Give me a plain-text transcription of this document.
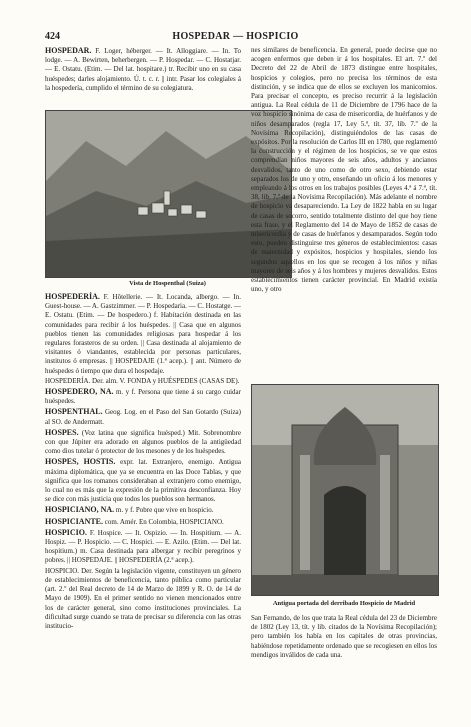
424	HOSPEDAR — HOSPICIO

HOSPEDAR. F. Loger, héberger. — It. Alloggiare. — In. To lodge. — A. Bewirten, beherbergen. — P. Hospedar. — C. Hostatjar. — E. Ostatu. (Etim. — Del lat. hospitare.) tr. Recibir uno en su casa huéspedes; darles alojamiento. Ú. t. c. r. || intr. Pasar los colegiales á la hospedería, cumplido el término de su colegiatura.

Vista de Hospenthal (Suiza)

HOSPEDERÍA. F. Hôtellerie. — It. Locanda, albergo. — In. Guest-house. — A. Gastzimmer. — P. Hospedaria. — C. Hostatge. — E. Ostatu. (Etim. — De hospedero.) f. Habitación destinada en las comunidades para recibir á los huéspedes. || Casa que en algunos pueblos tienen las comunidades religiosas para hospedar á los regulares forasteros de su orden. || Casa destinada al alojamiento de visitantes ó viandantes, establecida por personas particulares, institutos ó empresas. || HOSPEDAJE (1.ª acep.). || ant. Número de huéspedes ó tiempo que dura el hospedaje.

HOSPEDERÍA. Der. alm. V. FONDA y HUÉSPEDES (CASAS DE).

HOSPEDERO, NA. m. y f. Persona que tiene á su cargo cuidar huéspedes.

HOSPENTHAL. Geog. Log. en el Paso del San Gotardo (Suiza) al SO. de Andermatt.

HOSPES. (Voz latina que significa huésped.) Mit. Sobrenombre con que Júpiter era adorado en algunos pueblos de la antigüedad como dios tutelar ó protector de los mesones y de los huéspedes.

HOSPES, HOSTIS. expr. lat. Extranjero, enemigo. Antigua máxima diplomática, que ya se encuentra en las Doce Tablas, y que significa que los romanos consideraban al extranjero como enemigo, lo cual no es más que la expresión de la primitiva desconfianza. Hoy se dice con más justicia que todos los pueblos son hermanos.

HOSPICIANO, NA. m. y f. Pobre que vive en hospicio.

HOSPICIANTE. com. Amér. En Colombia, HOSPICIANO.

HOSPICIO. F. Hospice. — It. Ospizio. — In. Hospitium. — A. Hospiz. — P. Hospicio. — C. Hospici. — E. Azilo. (Etim. — Del lat. hospitium.) m. Casa destinada para albergar y recibir peregrinos y pobres. || HOSPEDAJE. || HOSPEDERÍA (2.ª acep.).

HOSPICIO. Der. Según la legislación vigente, constituyen un género de establecimientos de beneficencia, tanto pública como particular (art. 2.º del Real decreto de 14 de Marzo de 1899 y R. O. de 14 de Mayo de 1909). En el primer sentido no vienen mencionados entre los de carácter general, sino como instituciones provinciales. La dificultad surge cuando se trata de precisar su diferencia con las otras institucio-

nes similares de beneficencia. En general, puede decirse que no acogen enfermos que deben ir á los hospitales. El art. 7.º del Decreto del 22 de Abril de 1873 distingue entre hospitales, hospicios y colegios, pero no precisa los términos de esta distinción, y se indica que de ellos se excluyen los manicomios. Para precisar el concepto, es preciso recurrir á la legislación antigua. La Real cédula de 11 de Diciembre de 1796 hace de la voz hospicio sinónima de casa de misericordia, de huérfanos y de niños desamparados (regla 17, Ley 5.ª, tít. 37, lib. 7.º de la Novísima Recopilación), distinguiéndolos de las casas de expósitos. Por la resolución de Carlos III en 1780, que reglamentó la construcción y el régimen de los hospicios, se ve que estos comprendían niños mayores de seis años, adultos y ancianos desvalidos, tanto de uno como de otro sexo, debiendo estar separados los de uno y otro, enseñando un oficio á los menores y empleando á los otros en los trabajos posibles (Leyes 4.ª á 7.ª, tít. 38, lib. 7.º de la Novísima Recopilación). Más adelante el nombre de hospicio va desapareciendo. La Ley de 1822 habla en su lugar de casas de socorro, sentido totalmente distinto del que hoy tiene esta frase, y el Reglamento del 14 de Mayo de 1852 de casas de misericordia y de casas de huérfanos y desamparados. Según todo esto, pueden distinguirse tres géneros de establecimientos: casas de maternidad y expósitos, hospicios y hospitales, siendo los segundos aquellos en los que se recogen á los niños y niñas mayores de seis años y á los hombres y mujeres desvalidos. Estos establecimientos tienen carácter provincial. En Madrid existía uno, y otro

Antigua portada del derribado Hospicio de Madrid

San Fernando, de los que trata la Real cédula del 23 de Diciembre de 1802 (Ley 13, tít. y lib. citados de la Novísima Recopilación); pero también los había en los capitales de otras provincias, habiéndose repetidamente ordenado que se recogiesen en ellos los mendigos inválidos de cada una.
